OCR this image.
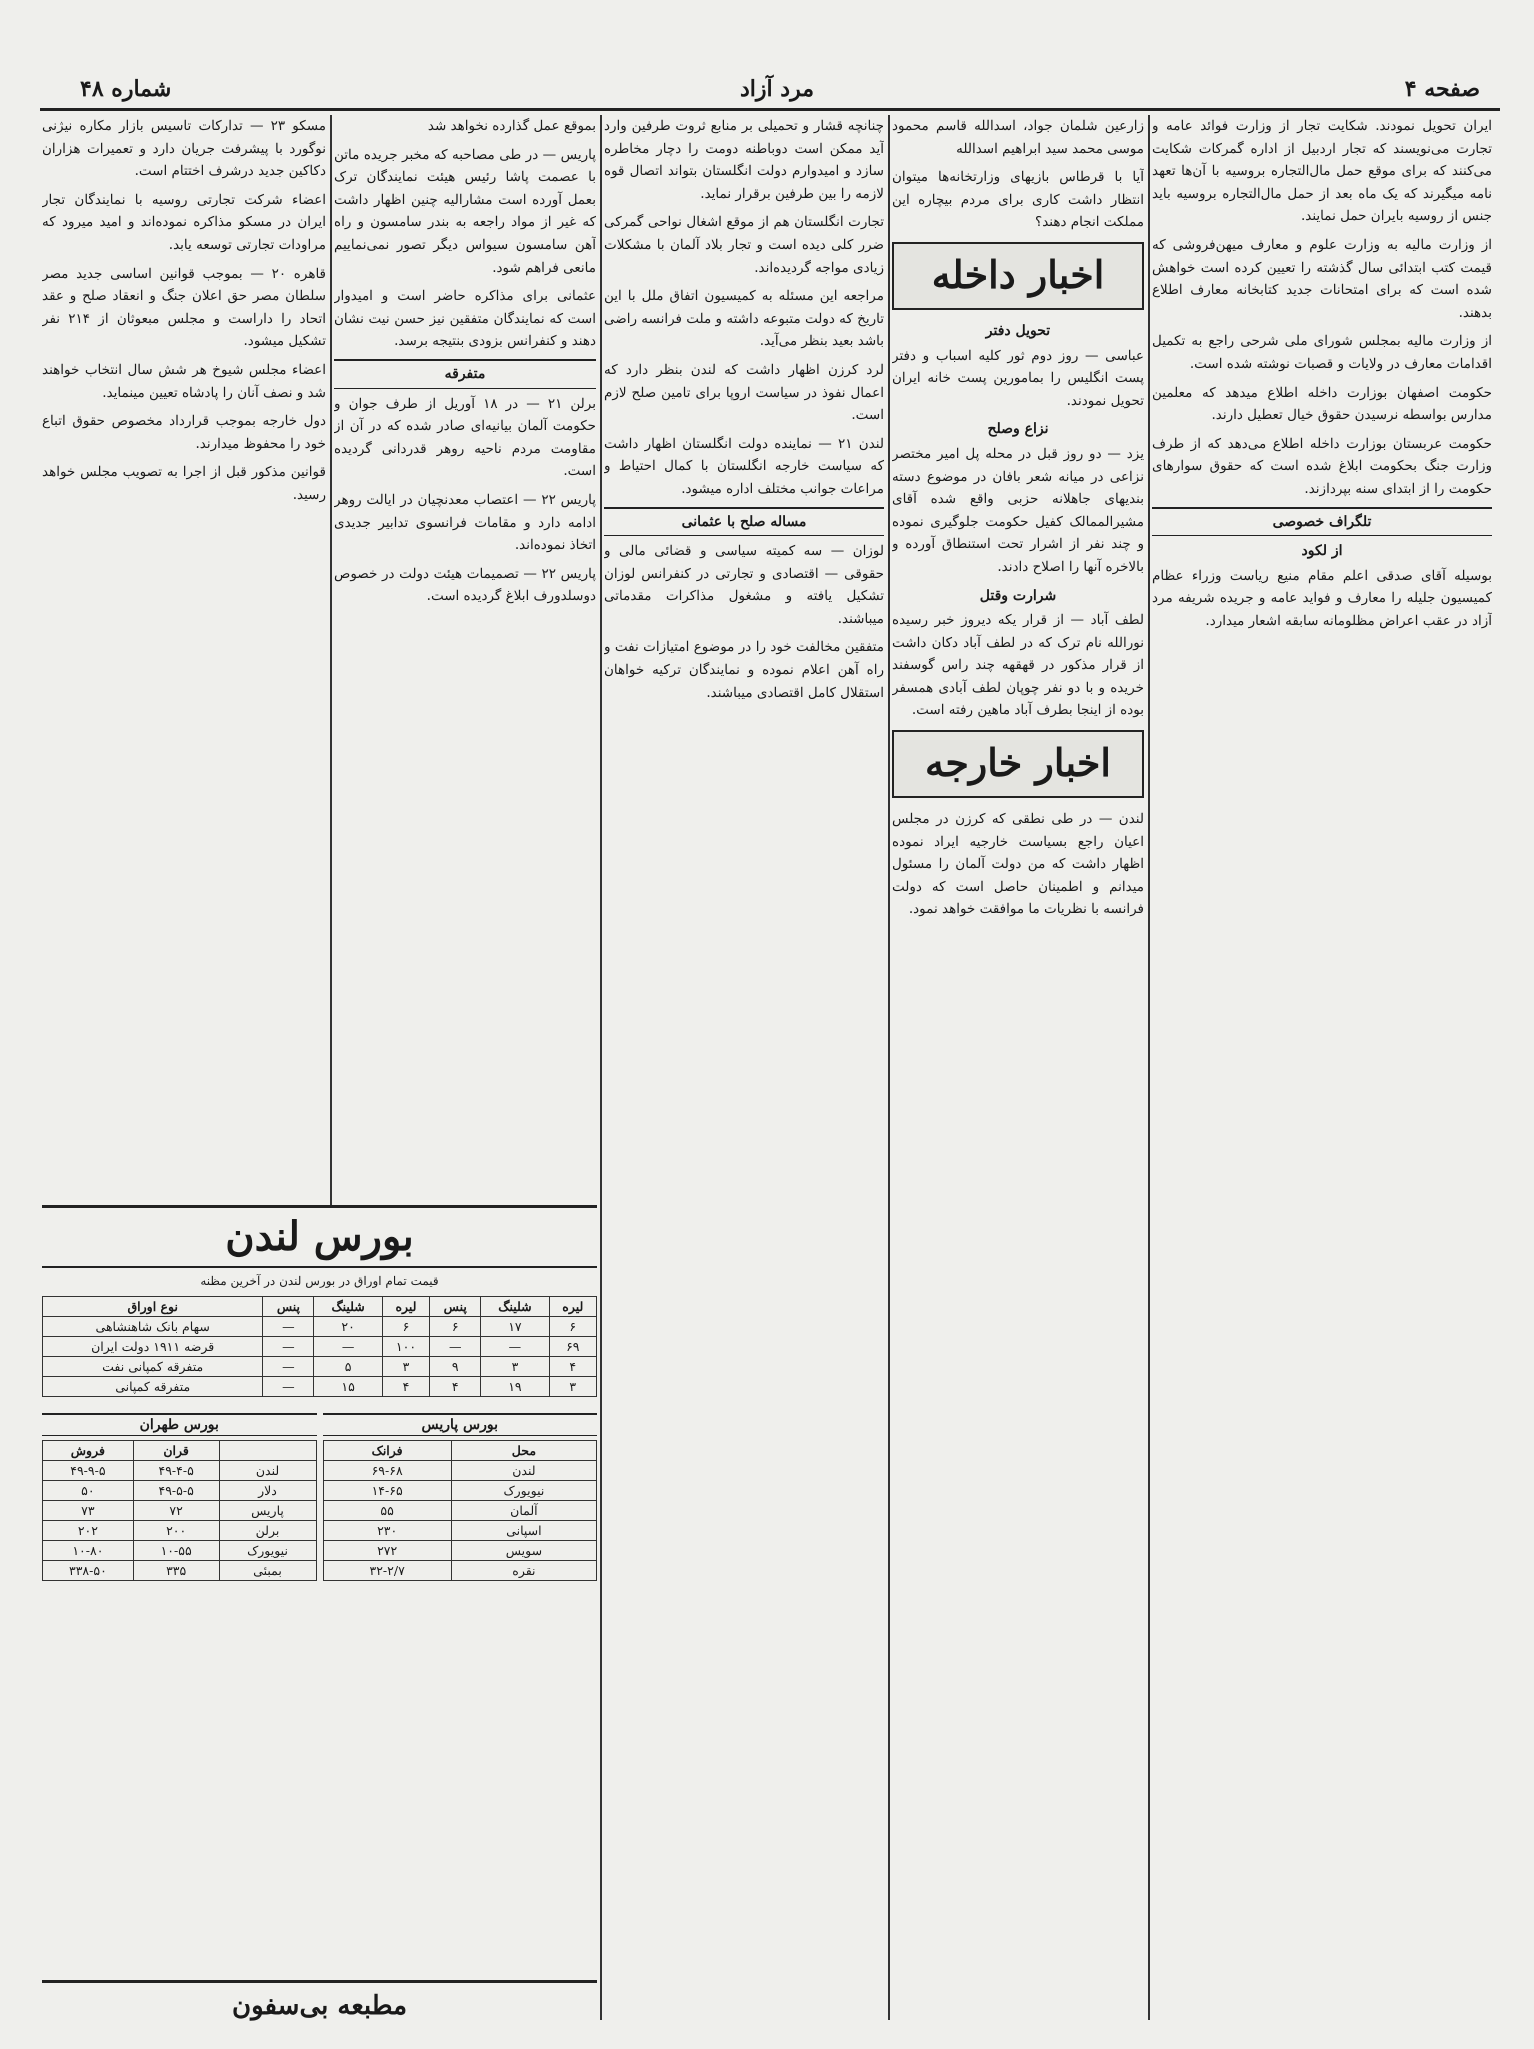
صفحه ۴
مرد آزاد
شماره ۴۸

ایران تحویل نمودند. شکایت تجار از وزارت فوائد عامه و تجارت می‌نویسند که تجار اردبیل از اداره گمرکات شکایت می‌کنند که برای موقع حمل مال‌التجاره بروسیه با آن‌ها تعهد نامه میگیرند که یک ماه بعد از حمل مال‌التجاره بروسیه باید جنس از روسیه بایران حمل نمایند.

از وزارت مالیه به وزارت علوم و معارف میهن‌فروشی که قیمت کتب ابتدائی سال گذشته را تعیین کرده است خواهش شده است که برای امتحانات جدید کتابخانه معارف اطلاع بدهند.

از وزارت مالیه بمجلس شورای ملی شرحی راجع به تکمیل اقدامات معارف در ولایات و قصبات نوشته شده است.

حکومت اصفهان بوزارت داخله اطلاع میدهد که معلمین مدارس بواسطه نرسیدن حقوق خیال تعطیل دارند.

حکومت عربستان بوزارت داخله اطلاع می‌دهد که از طرف وزارت جنگ بحکومت ابلاغ شده است که حقوق سوارهای حکومت را از ابتدای سنه بپردازند.

تلگراف خصوصی
از لکود

بوسیله آقای صدقی اعلم مقام منیع ریاست وزراء عظام کمیسیون جلیله را معارف و فواید عامه و جریده شریفه مرد آزاد در عقب اعراض مظلومانه سابقه اشعار میدارد.

زارعین شلمان جواد، اسدالله قاسم محمود موسی محمد سید ابراهیم اسدالله

آیا با قرطاس بازیهای وزارتخانه‌ها میتوان انتظار داشت کاری برای مردم بیچاره این مملکت انجام دهند؟

اخبار داخله
تحویل دفتر

عباسی — روز دوم ثور کلیه اسباب و دفتر پست انگلیس را بمامورین پست خانه ایران تحویل نمودند.

نزاع وصلح

یزد — دو روز قبل در محله پل امیر مختصر نزاعی در میانه شعر بافان در موضوع دسته بندیهای جاهلانه حزبی واقع شده آقای مشیرالممالک کفیل حکومت جلوگیری نموده و چند نفر از اشرار تحت استنطاق آورده و بالاخره آنها را اصلاح دادند.

شرارت وقتل

لطف آباد — از قرار یکه دیروز خبر رسیده نورالله نام ترک که در لطف آباد دکان داشت از قرار مذکور در قهقهه چند راس گوسفند خریده و با دو نفر چوپان لطف آبادی همسفر بوده از اینجا بطرف آباد ماهین رفته است.

اخبار خارجه

لندن — در طی نطقی که کرزن در مجلس اعیان راجع بسیاست خارجیه ایراد نموده اظهار داشت که من دولت آلمان را مسئول میدانم و اطمینان حاصل است که دولت فرانسه با نظریات ما موافقت خواهد نمود.

چنانچه قشار و تحمیلی بر منابع ثروت طرفین وارد آید ممکن است دوباطنه دومت را دچار مخاطره سازد و امیدوارم دولت انگلستان بتواند اتصال قوه لازمه را بین طرفین برقرار نماید.

تجارت انگلستان هم از موقع اشغال نواحی گمرکی ضرر کلی دیده است و تجار بلاد آلمان با مشکلات زیادی مواجه گردیده‌اند.

مراجعه این مسئله به کمیسیون اتفاق ملل با این تاریخ که دولت متبوعه داشته و ملت فرانسه راضی باشد بعید بنظر می‌آید.

لرد کرزن اظهار داشت که لندن بنظر دارد که اعمال نفوذ در سیاست اروپا برای تامین صلح لازم است.

لندن ۲۱ — نماینده دولت انگلستان اظهار داشت که سیاست خارجه انگلستان با کمال احتیاط و مراعات جوانب مختلف اداره میشود.

مساله صلح با عثمانی

لوزان — سه کمیته سیاسی و قضائی مالی و حقوقی — اقتصادی و تجارتی در کنفرانس لوزان تشکیل یافته و مشغول مذاکرات مقدماتی میباشند.

متفقین مخالفت خود را در موضوع امتیازات نفت و راه آهن اعلام نموده و نمایندگان ترکیه خواهان استقلال کامل اقتصادی میباشند.

بموقع عمل گذارده نخواهد شد

پاریس — در طی مصاحبه که مخبر جریده ماتن با عصمت پاشا رئیس هیئت نمایندگان ترک بعمل آورده است مشارالیه چنین اظهار داشت که غیر از مواد راجعه به بندر سامسون و راه آهن سامسون سیواس دیگر تصور نمی‌نماییم مانعی فراهم شود.

عثمانی برای مذاکره حاضر است و امیدوار است که نمایندگان متفقین نیز حسن نیت نشان دهند و کنفرانس بزودی بنتیجه برسد.

متفرقه

برلن ۲۱ — در ۱۸ آوریل از طرف جوان و حکومت آلمان بیانیه‌ای صادر شده که در آن از مقاومت مردم ناحیه روهر قدردانی گردیده است.

پاریس ۲۲ — اعتصاب معدنچیان در ایالت روهر ادامه دارد و مقامات فرانسوی تدابیر جدیدی اتخاذ نموده‌اند.

پاریس ۲۲ — تصمیمات هیئت دولت در خصوص دوسلدورف ابلاغ گردیده است.

مسکو ۲۳ — تدارکات تاسیس بازار مکاره نیژنی نوگورد با پیشرفت جریان دارد و تعمیرات هزاران دکاکین جدید درشرف اختتام است.

اعضاء شرکت تجارتی روسیه با نمایندگان تجار ایران در مسکو مذاکره نموده‌اند و امید میرود که مراودات تجارتی توسعه یابد.

قاهره ۲۰ — بموجب قوانین اساسی جدید مصر سلطان مصر حق اعلان جنگ و انعقاد صلح و عقد اتحاد را داراست و مجلس مبعوثان از ۲۱۴ نفر تشکیل میشود.

اعضاء مجلس شیوخ هر شش سال انتخاب خواهند شد و نصف آنان را پادشاه تعیین مینماید.

دول خارجه بموجب قرارداد مخصوص حقوق اتباع خود را محفوظ میدارند.

قوانین مذکور قبل از اجرا به تصویب مجلس خواهد رسید.

بورس لندن
قیمت تمام اوراق در بورس لندن در آخرین مظنه
لیره	شلینگ	پنس	لیره	شلینگ	پنس	نوع اوراق
۶	۱۷	۶	۶	۲۰	—	سهام بانک شاهنشاهی
۶۹	—	—	۱۰۰	—	—	قرضه ۱۹۱۱ دولت ایران
۴	۳	۹	۳	۵	—	متفرقه کمپانی نفت
۳	۱۹	۴	۴	۱۵	—	متفرقه کمپانی
بورس پاریس
محل	فرانک
لندن	۶۹-۶۸
نیویورک	۱۴-۶۵
آلمان	۵۵
اسپانی	۲۳۰
سویس	۲۷۲
نقره	۳۲-۲/۷
بورس طهران
	قران	فروش
لندن	۴۹-۴-۵	۴۹-۹-۵
دلار	۴۹-۵-۵	۵۰
پاریس	۷۲	۷۳
برلن	۲۰۰	۲۰۲
نیویورک	۱۰-۵۵	۱۰-۸۰
بمبئی	۳۳۵	۳۳۸-۵۰
مطبعه بی‌سفون
